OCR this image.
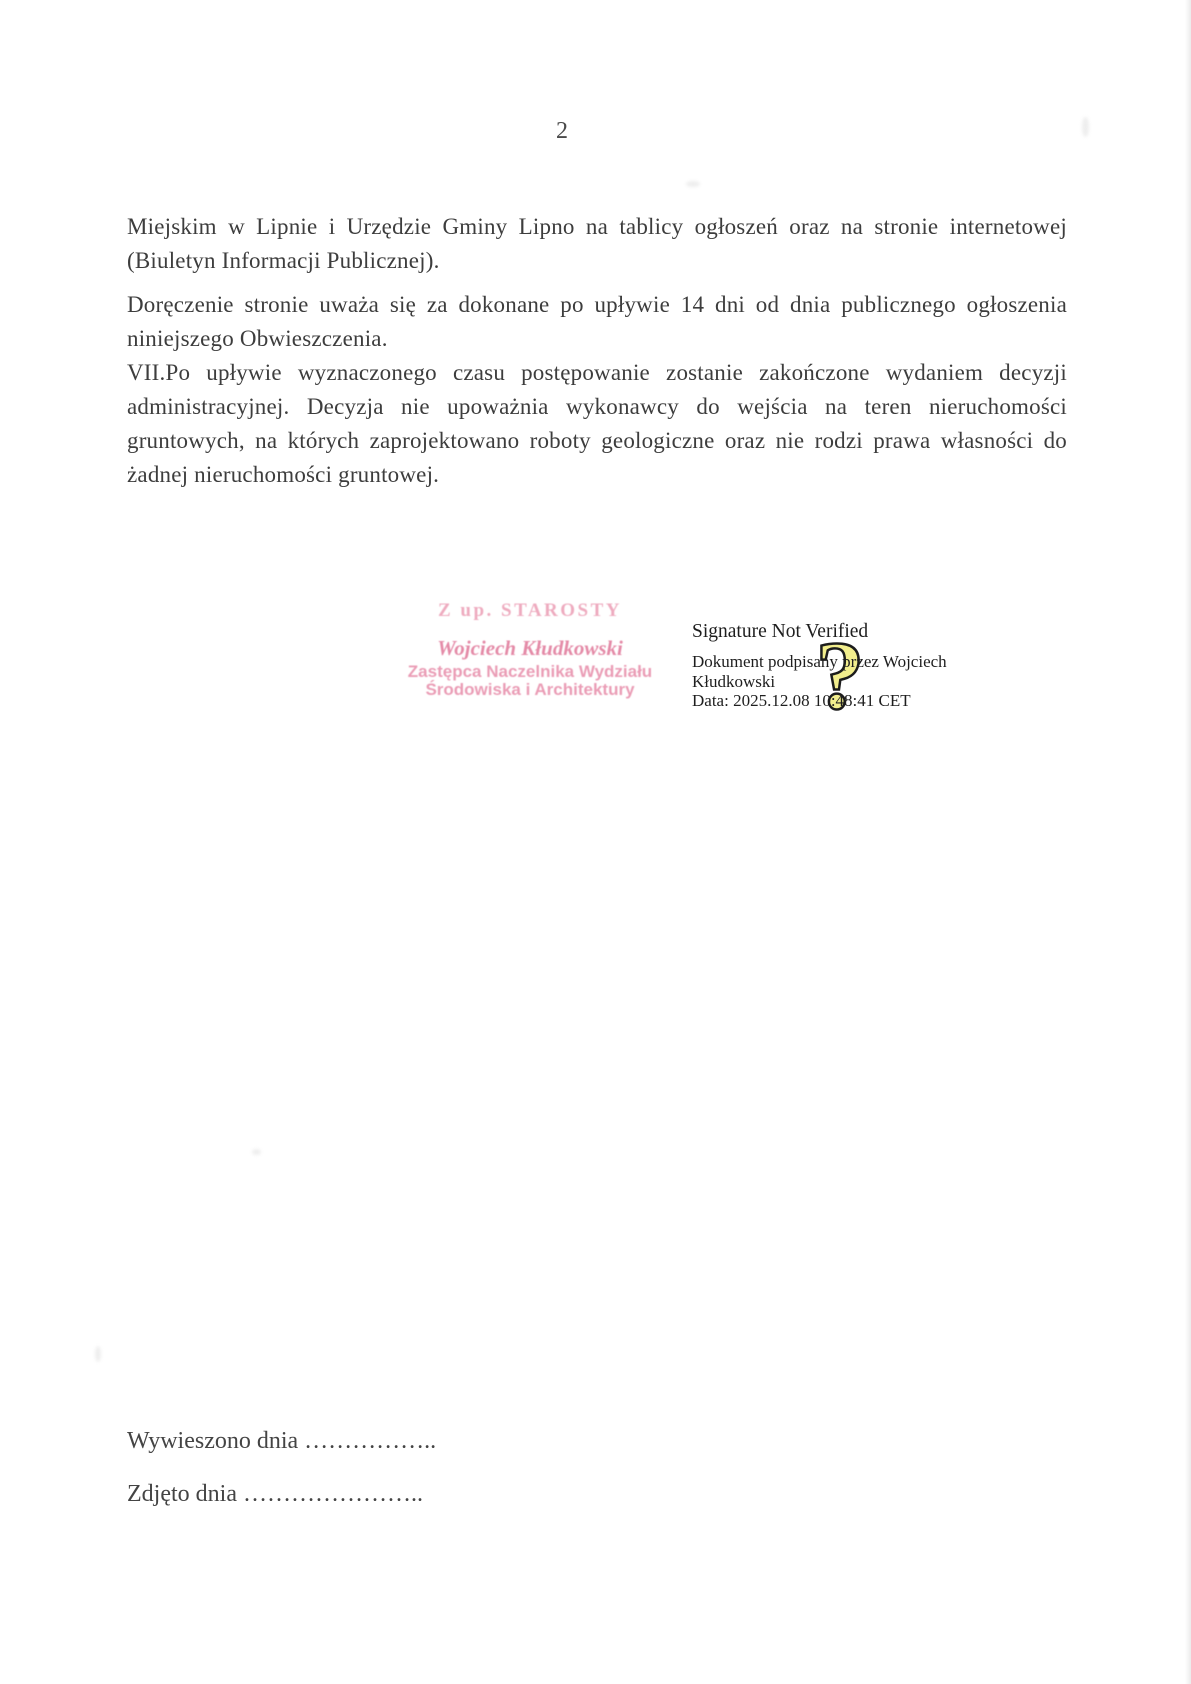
2

Miejskim w Lipnie i Urzędzie Gminy Lipno na tablicy ogłoszeń oraz na stronie internetowej (Biuletyn Informacji Publicznej).

Doręczenie stronie uważa się za dokonane po upływie 14 dni od dnia publicznego ogłoszenia niniejszego Obwieszczenia.

VII.Po upływie wyznaczonego czasu postępowanie zostanie zakończone wydaniem decyzji administracyjnej. Decyzja nie upoważnia wykonawcy do wejścia na teren nieruchomości gruntowych, na których zaprojektowano roboty geologiczne oraz nie rodzi prawa własności do żadnej nieruchomości gruntowej.

Z up. STAROSTY
Wojciech Kłudkowski
Zastępca Naczelnika Wydziału
Środowiska i Architektury	?
Signature Not Verified
Dokument podpisany przez Wojciech
Kłudkowski
Data: 2025.12.08 10:48:41 CET

Wywieszono dnia ……………..

Zdjęto dnia …………………..
